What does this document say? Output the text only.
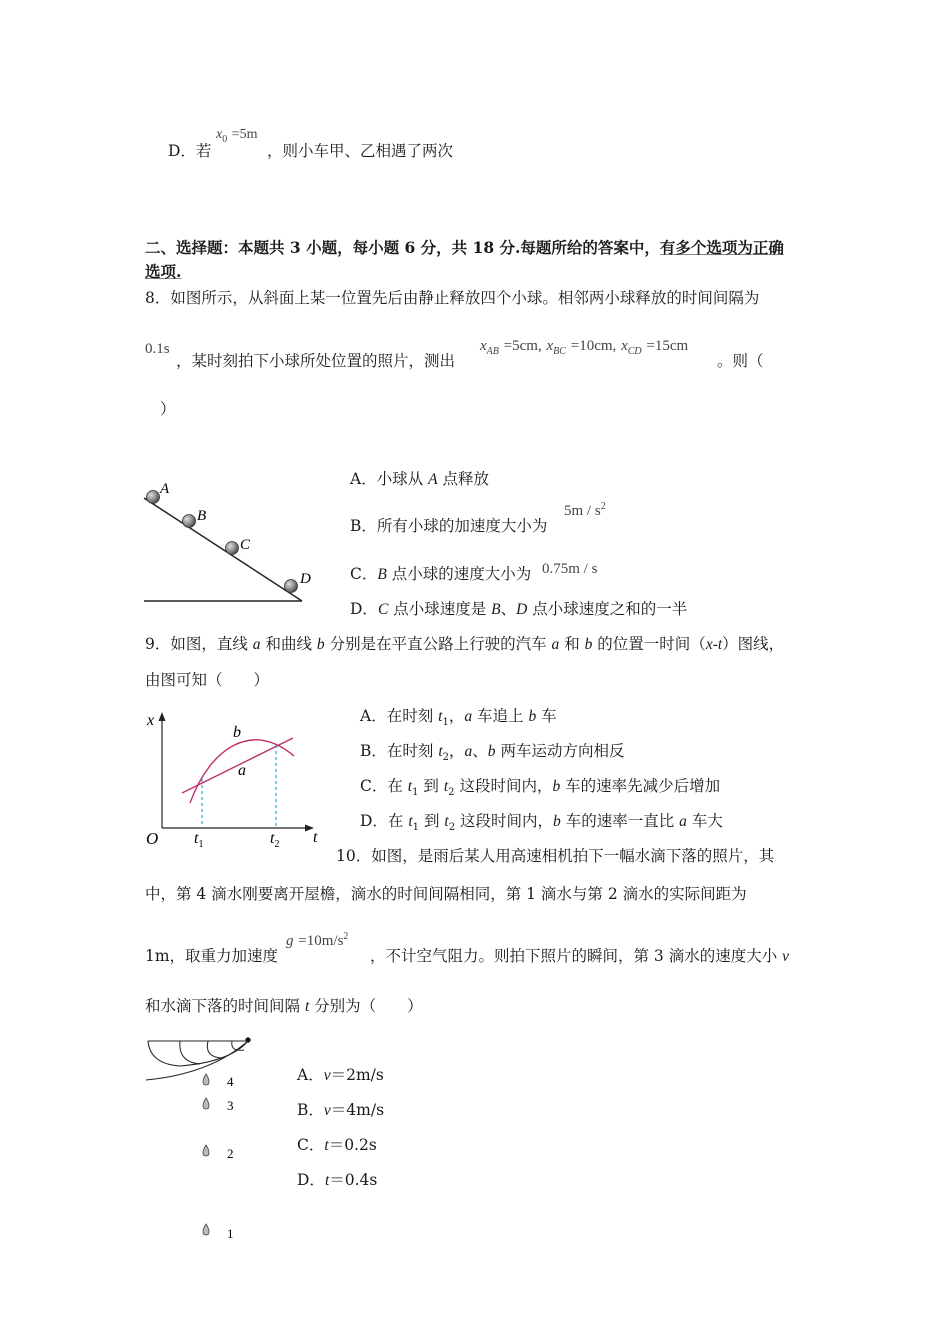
D．若
$x_0 =5m$
，则小车甲、乙相遇了两次
二、选择题：本题共 3 小题，每小题 6 分，共 18 分.每题所给的答案中，有多个选项为正确
选项.
8．如图所示，从斜面上某一位置先后由静止释放四个小球。相邻两小球释放的时间间隔为
0.1s
，某时刻拍下小球所处位置的照片，测出
$x_{AB} =5cm$, $x_{BC} =10cm$, $x_{CD} =15cm$
。则（
）
A
B
C
D
A．小球从 A 点释放
B．所有小球的加速度大小为
$5m / s^2$
C．B 点小球的速度大小为 0.75m / s
D．C 点小球速度是 B、D 点小球速度之和的一半
9．如图，直线 a 和曲线 b 分别是在平直公路上行驶的汽车 a 和 b 的位置一时间（x-t）图线，
由图可知（　　）
x
t
O
b
a
$t_1$	$t_2$
A．在时刻 $t_1$，a 车追上 b 车
B．在时刻 $t_2$，a、b 两车运动方向相反
C．在 $t_1$ 到 $t_2$ 这段时间内，b 车的速率先减少后增加
D．在 $t_1$ 到 $t_2$ 这段时间内，b 车的速率一直比 a 车大
10．如图，是雨后某人用高速相机拍下一幅水滴下落的照片，其
中，第 4 滴水刚要离开屋檐，滴水的时间间隔相同，第 1 滴水与第 2 滴水的实际间距为
1m，取重力加速度
$g =10m/s^2$
，不计空气阻力。则拍下照片的瞬间，第 3 滴水的速度大小 v
和水滴下落的时间间隔 t 分别为（　　）
4
3
2
1
A．v＝2m/s
B．v＝4m/s
C．t＝0.2s
D．t＝0.4s
